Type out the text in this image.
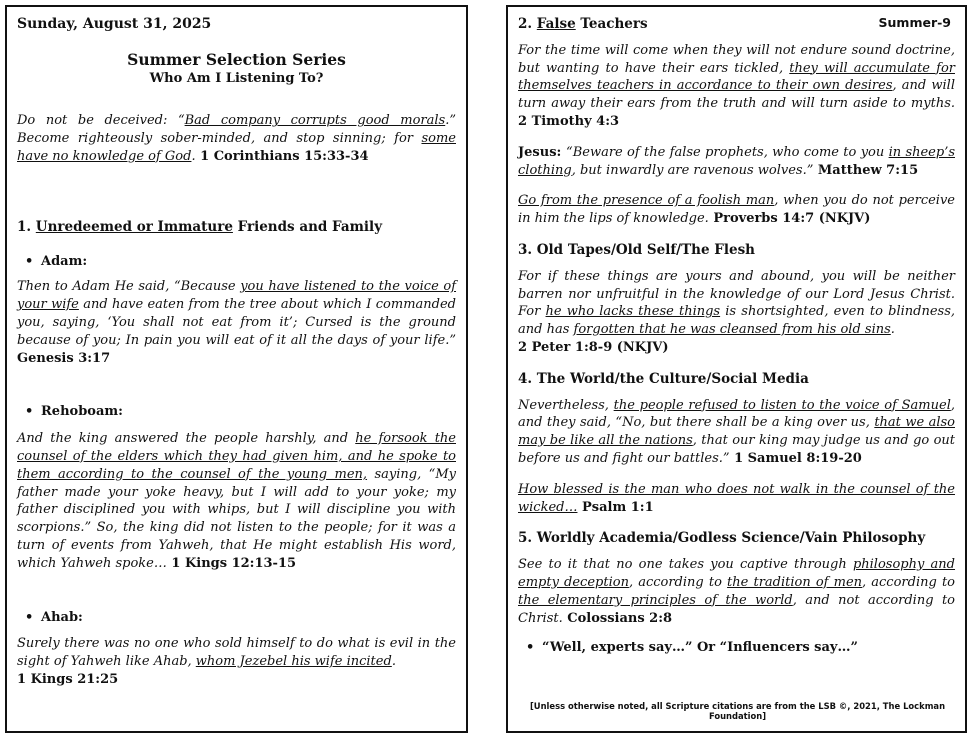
Sunday, August 31, 2025
Summer Selection Series
Who Am I Listening To?
Do not be deceived: “Bad company corrupts good morals.” Become righteously sober-minded, and stop sinning; for some have no knowledge of God. 1 Corinthians 15:33-34
1. Unredeemed or Immature Friends and Family
• Adam:
Then to Adam He said, “Because you have listened to the voice of your wife and have eaten from the tree about which I commanded you, saying, ‘You shall not eat from it’; Cursed is the ground because of you; In pain you will eat of it all the days of your life.” Genesis 3:17
• Rehoboam:
And the king answered the people harshly, and he forsook the counsel of the elders which they had given him, and he spoke to them according to the counsel of the young men, saying, “My father made your yoke heavy, but I will add to your yoke; my father disciplined you with whips, but I will discipline you with scorpions.” So, the king did not listen to the people; for it was a turn of events from Yahweh, that He might establish His word, which Yahweh spoke… 1 Kings 12:13-15
• Ahab:
Surely there was no one who sold himself to do what is evil in the sight of Yahweh like Ahab, whom Jezebel his wife incited.
1 Kings 21:25
Summer-9
2. False Teachers
For the time will come when they will not endure sound doctrine, but wanting to have their ears tickled, they will accumulate for themselves teachers in accordance to their own desires, and will turn away their ears from the truth and will turn aside to myths. 2 Timothy 4:3
Jesus: “Beware of the false prophets, who come to you in sheep’s clothing, but inwardly are ravenous wolves.” Matthew 7:15
Go from the presence of a foolish man, when you do not perceive in him the lips of knowledge. Proverbs 14:7 (NKJV)
3. Old Tapes/Old Self/The Flesh
For if these things are yours and abound, you will be neither barren nor unfruitful in the knowledge of our Lord Jesus Christ. For he who lacks these things is shortsighted, even to blindness, and has forgotten that he was cleansed from his old sins.
2 Peter 1:8-9 (NKJV)
4. The World/the Culture/Social Media
Nevertheless, the people refused to listen to the voice of Samuel, and they said, “No, but there shall be a king over us, that we also may be like all the nations, that our king may judge us and go out before us and fight our battles.” 1 Samuel 8:19-20
How blessed is the man who does not walk in the counsel of the wicked… Psalm 1:1
5. Worldly Academia/Godless Science/Vain Philosophy
See to it that no one takes you captive through philosophy and empty deception, according to the tradition of men, according to the elementary principles of the world, and not according to Christ. Colossians 2:8
• “Well, experts say…” Or “Influencers say…”
[Unless otherwise noted, all Scripture citations are from the LSB ©, 2021, The Lockman Foundation]
